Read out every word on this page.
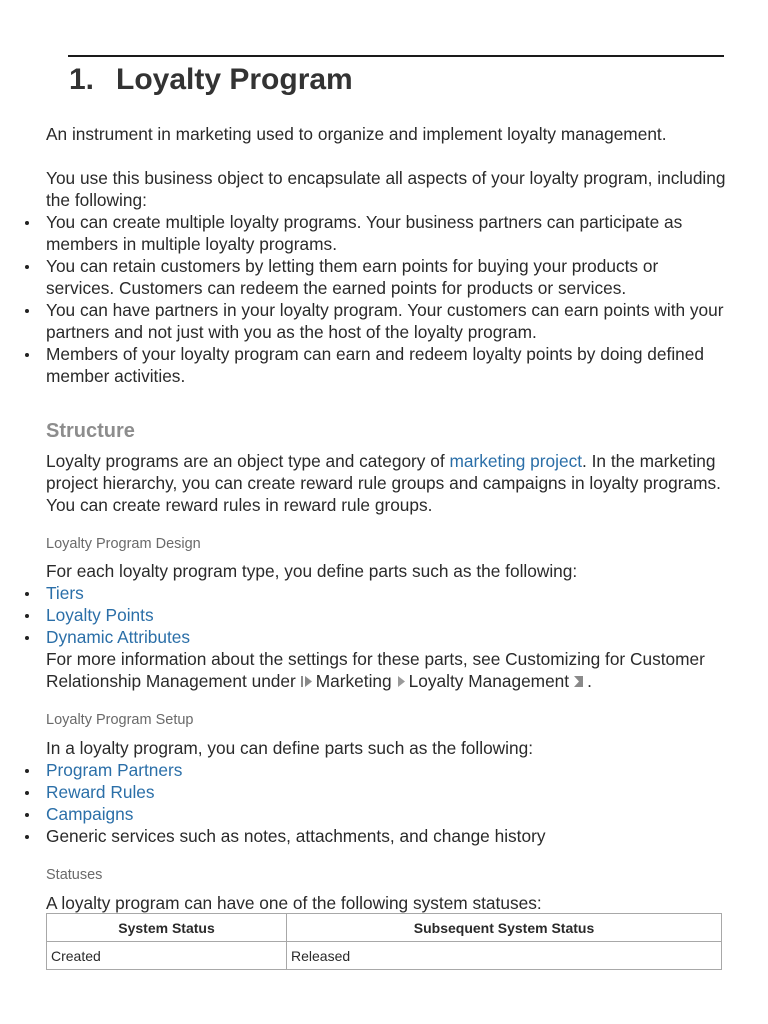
1. Loyalty Program

An instrument in marketing used to organize and implement loyalty management.

You use this business object to encapsulate all aspects of your loyalty program, including the following:

You can create multiple loyalty programs. Your business partners can participate as members in multiple loyalty programs.
You can retain customers by letting them earn points for buying your products or services. Customers can redeem the earned points for products or services.
You can have partners in your loyalty program. Your customers can earn points with your partners and not just with you as the host of the loyalty program.
Members of your loyalty program can earn and redeem loyalty points by doing defined member activities.
Structure

Loyalty programs are an object type and category of marketing project. In the marketing project hierarchy, you can create reward rule groups and campaigns in loyalty programs. You can create reward rules in reward rule groups.

Loyalty Program Design

For each loyalty program type, you define parts such as the following:

Tiers
Loyalty Points
Dynamic Attributes

For more information about the settings for these parts, see Customizing for Customer Relationship Management under Marketing Loyalty Management .

Loyalty Program Setup

In a loyalty program, you can define parts such as the following:

Program Partners
Reward Rules
Campaigns
Generic services such as notes, attachments, and change history
Statuses

A loyalty program can have one of the following system statuses:

System Status	Subsequent System Status
Created	Released
